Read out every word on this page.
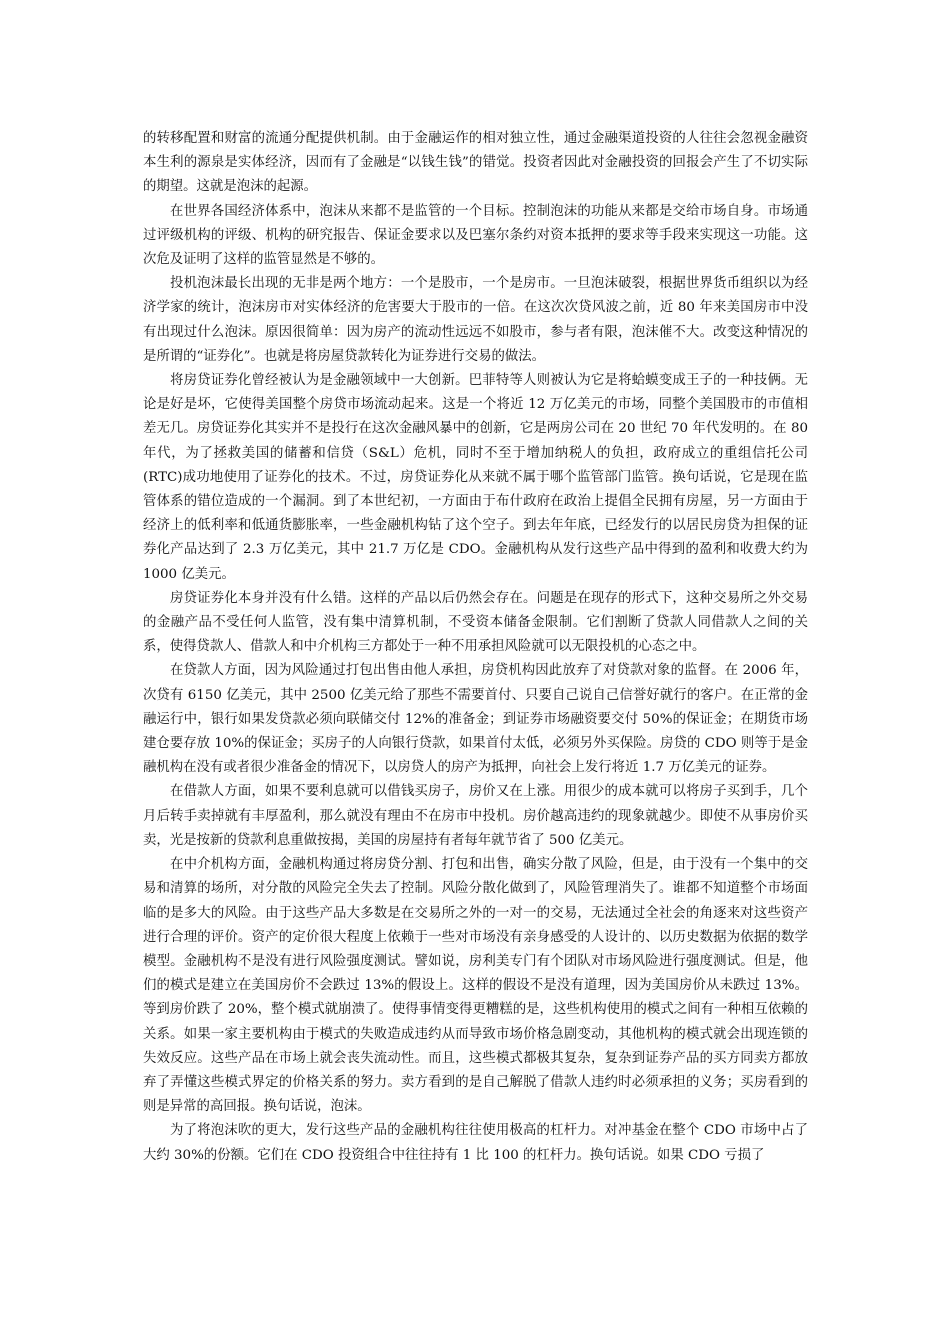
的转移配置和财富的流通分配提供机制。由于金融运作的相对独立性，通过金融渠道投资的人往往会忽视金融资本生利的源泉是实体经济，因而有了金融是“以钱生钱”的错觉。投资者因此对金融投资的回报会产生了不切实际的期望。这就是泡沫的起源。

在世界各国经济体系中，泡沫从来都不是监管的一个目标。控制泡沫的功能从来都是交给市场自身。市场通过评级机构的评级、机构的研究报告、保证金要求以及巴塞尔条约对资本抵押的要求等手段来实现这一功能。这次危及证明了这样的监管显然是不够的。

投机泡沫最长出现的无非是两个地方：一个是股市，一个是房市。一旦泡沫破裂，根据世界货币组织以为经济学家的统计，泡沫房市对实体经济的危害要大于股市的一倍。在这次次贷风波之前，近 80 年来美国房市中没有出现过什么泡沫。原因很简单：因为房产的流动性远远不如股市，参与者有限，泡沫催不大。改变这种情况的是所谓的“证券化”。也就是将房屋贷款转化为证券进行交易的做法。

将房贷证券化曾经被认为是金融领域中一大创新。巴菲特等人则被认为它是将蛤蟆变成王子的一种技俩。无论是好是坏，它使得美国整个房贷市场流动起来。这是一个将近 12 万亿美元的市场，同整个美国股市的市值相差无几。房贷证券化其实并不是投行在这次金融风暴中的创新，它是两房公司在 20 世纪 70 年代发明的。在 80 年代，为了拯救美国的储蓄和信贷（S&L）危机，同时不至于增加纳税人的负担，政府成立的重组信托公司(RTC)成功地使用了证券化的技术。不过，房贷证券化从来就不属于哪个监管部门监管。换句话说，它是现在监管体系的错位造成的一个漏洞。到了本世纪初，一方面由于布什政府在政治上提倡全民拥有房屋，另一方面由于经济上的低利率和低通货膨胀率，一些金融机构钻了这个空子。到去年年底，已经发行的以居民房贷为担保的证券化产品达到了 2.3 万亿美元，其中 21.7 万亿是 CDO。金融机构从发行这些产品中得到的盈利和收费大约为 1000 亿美元。

房贷证券化本身并没有什么错。这样的产品以后仍然会存在。问题是在现存的形式下，这种交易所之外交易的金融产品不受任何人监管，没有集中清算机制，不受资本储备金限制。它们割断了贷款人同借款人之间的关系，使得贷款人、借款人和中介机构三方都处于一种不用承担风险就可以无限投机的心态之中。

在贷款人方面，因为风险通过打包出售由他人承担，房贷机构因此放弃了对贷款对象的监督。在 2006 年，次贷有 6150 亿美元，其中 2500 亿美元给了那些不需要首付、只要自己说自己信誉好就行的客户。在正常的金融运行中，银行如果发贷款必须向联储交付 12%的准备金；到证券市场融资要交付 50%的保证金；在期货市场建仓要存放 10%的保证金；买房子的人向银行贷款，如果首付太低，必须另外买保险。房贷的 CDO 则等于是金融机构在没有或者很少准备金的情况下，以房贷人的房产为抵押，向社会上发行将近 1.7 万亿美元的证券。

在借款人方面，如果不要利息就可以借钱买房子，房价又在上涨。用很少的成本就可以将房子买到手，几个月后转手卖掉就有丰厚盈利，那么就没有理由不在房市中投机。房价越高违约的现象就越少。即使不从事房价买卖，光是按新的贷款利息重做按揭，美国的房屋持有者每年就节省了 500 亿美元。

在中介机构方面，金融机构通过将房贷分割、打包和出售，确实分散了风险，但是，由于没有一个集中的交易和清算的场所，对分散的风险完全失去了控制。风险分散化做到了，风险管理消失了。谁都不知道整个市场面临的是多大的风险。由于这些产品大多数是在交易所之外的一对一的交易，无法通过全社会的角逐来对这些资产进行合理的评价。资产的定价很大程度上依赖于一些对市场没有亲身感受的人设计的、以历史数据为依据的数学模型。金融机构不是没有进行风险强度测试。譬如说，房利美专门有个团队对市场风险进行强度测试。但是，他们的模式是建立在美国房价不会跌过 13%的假设上。这样的假设不是没有道理，因为美国房价从未跌过 13%。等到房价跌了 20%，整个模式就崩溃了。使得事情变得更糟糕的是，这些机构使用的模式之间有一种相互依赖的关系。如果一家主要机构由于模式的失败造成违约从而导致市场价格急剧变动，其他机构的模式就会出现连锁的失效反应。这些产品在市场上就会丧失流动性。而且，这些模式都极其复杂，复杂到证券产品的买方同卖方都放弃了弄懂这些模式界定的价格关系的努力。卖方看到的是自己解脱了借款人违约时必须承担的义务；买房看到的则是异常的高回报。换句话说，泡沫。

为了将泡沫吹的更大，发行这些产品的金融机构往往使用极高的杠杆力。对冲基金在整个 CDO 市场中占了大约 30%的份额。它们在 CDO 投资组合中往往持有 1 比 100 的杠杆力。换句话说。如果 CDO 亏损了
